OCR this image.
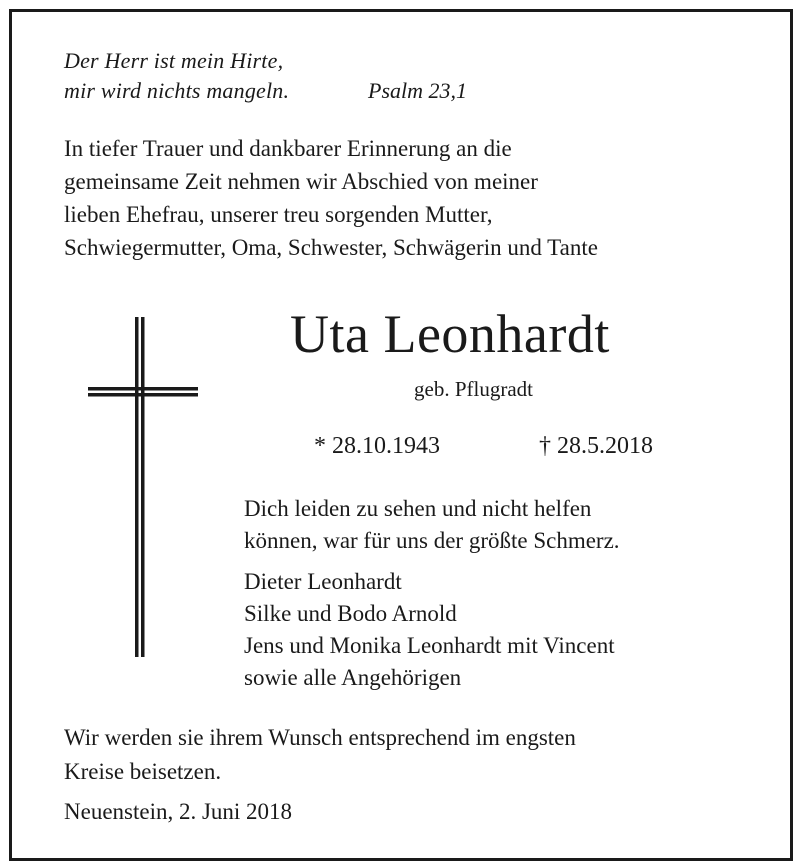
Der Herr ist mein Hirte,
mir wird nichts mangeln.	Psalm 23,1
In tiefer Trauer und dankbarer Erinnerung an die
gemeinsame Zeit nehmen wir Abschied von meiner
lieben Ehefrau, unserer treu sorgenden Mutter,
Schwiegermutter, Oma, Schwester, Schwägerin und Tante
Uta Leonhardt
geb. Pflugradt
* 28.10.1943	† 28.5.2018
Dich leiden zu sehen und nicht helfen
können, war für uns der größte Schmerz.
Dieter Leonhardt
Silke und Bodo Arnold
Jens und Monika Leonhardt mit Vincent
sowie alle Angehörigen
Wir werden sie ihrem Wunsch entsprechend im engsten
Kreise beisetzen.
Neuenstein, 2. Juni 2018
